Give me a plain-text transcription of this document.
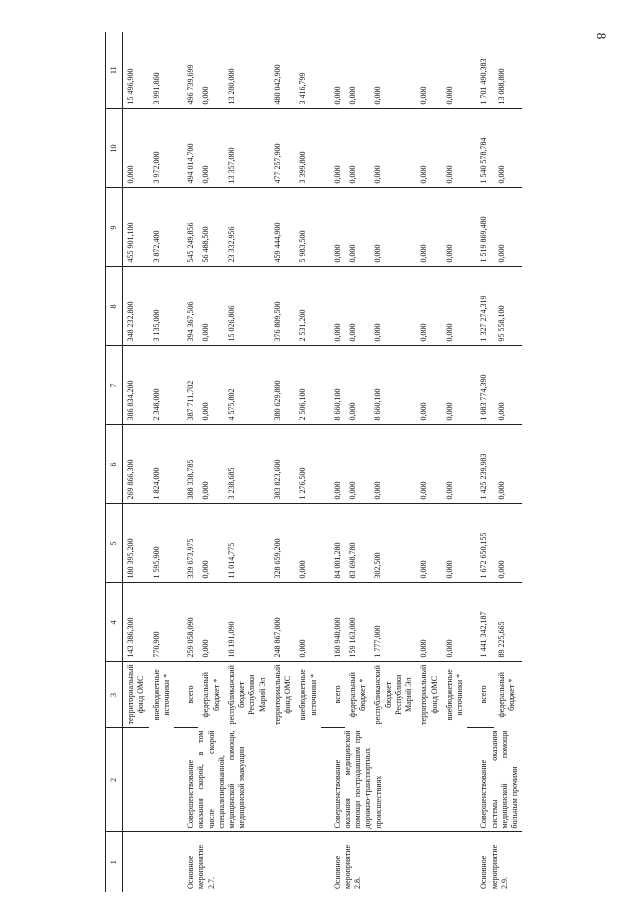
8
1	2	3	4	5	6	7	8	9	10	11
		территориальный фонд ОМС	143 386,300	180 395,200	269 866,300	386 834,200	348 232,800	455 901,100	0,000	15 496,900
		внебюджетные источники *	770,900	1 595,900	1 824,000	2 348,000	3 135,000	3 872,400	3 972,000	3 991,860
Основное мероприятие 2.7.	Совершенствование оказания скорой, в том числе скорой специализированной, медицинской помощи, медицинской эвакуации	всего	259 058,090	339 673,975	388 338,785	387 711,702	394 367,506	545 249,856	494 014,700	496 739,699
		федеральный бюджет *	0,000	0,000	0,000	0,000	0,000	56 488,500	0,000	0,000
		республиканский бюджет Республики Марий Эл	10 191,090	11 014,775	3 238,685	4 575,802	15 026,806	23 332,956	13 357,000	13 280,000
		территориальный фонд ОМС	248 867,000	328 659,200	383 823,600	380 629,800	376 809,500	459 444,900	477 257,900	480 042,900
		внебюджетные источники *	0,000	0,000	1 276,500	2 506,100	2 531,200	5 983,500	3 399,800	3 416,799
Основное мероприятие 2.8.	Совершенствование оказания медицинской помощи пострадавшим при дорожно-транспортных происшествиях	всего	160 940,000	84 001,280	0,000	8 660,100	0,000	0,000	0,000	0,000
		федеральный бюджет *	159 163,000	83 698,780	0,000	0,000	0,000	0,000	0,000	0,000
		республиканский бюджет Республики Марий Эл	1 777,000	302,500	0,000	8 660,100	0,000	0,000	0,000	0,000
		территориальный фонд ОМС	0,000	0,000	0,000	0,000	0,000	0,000	0,000	0,000
		внебюджетные источники *	0,000	0,000	0,000	0,000	0,000	0,000	0,000	0,000
Основное мероприятие 2.9.	Совершенствование системы оказания медицинской помощи больным прочими	всего	1 441 342,187	1 672 650,155	1 425 239,983	1 083 774,390	1 327 274,319	1 519 869,480	1 540 578,784	1 701 490,383
		федеральный бюджет *	89 225,665	0,000	0,000	0,000	95 558,100	0,000	0,000	13 088,800
